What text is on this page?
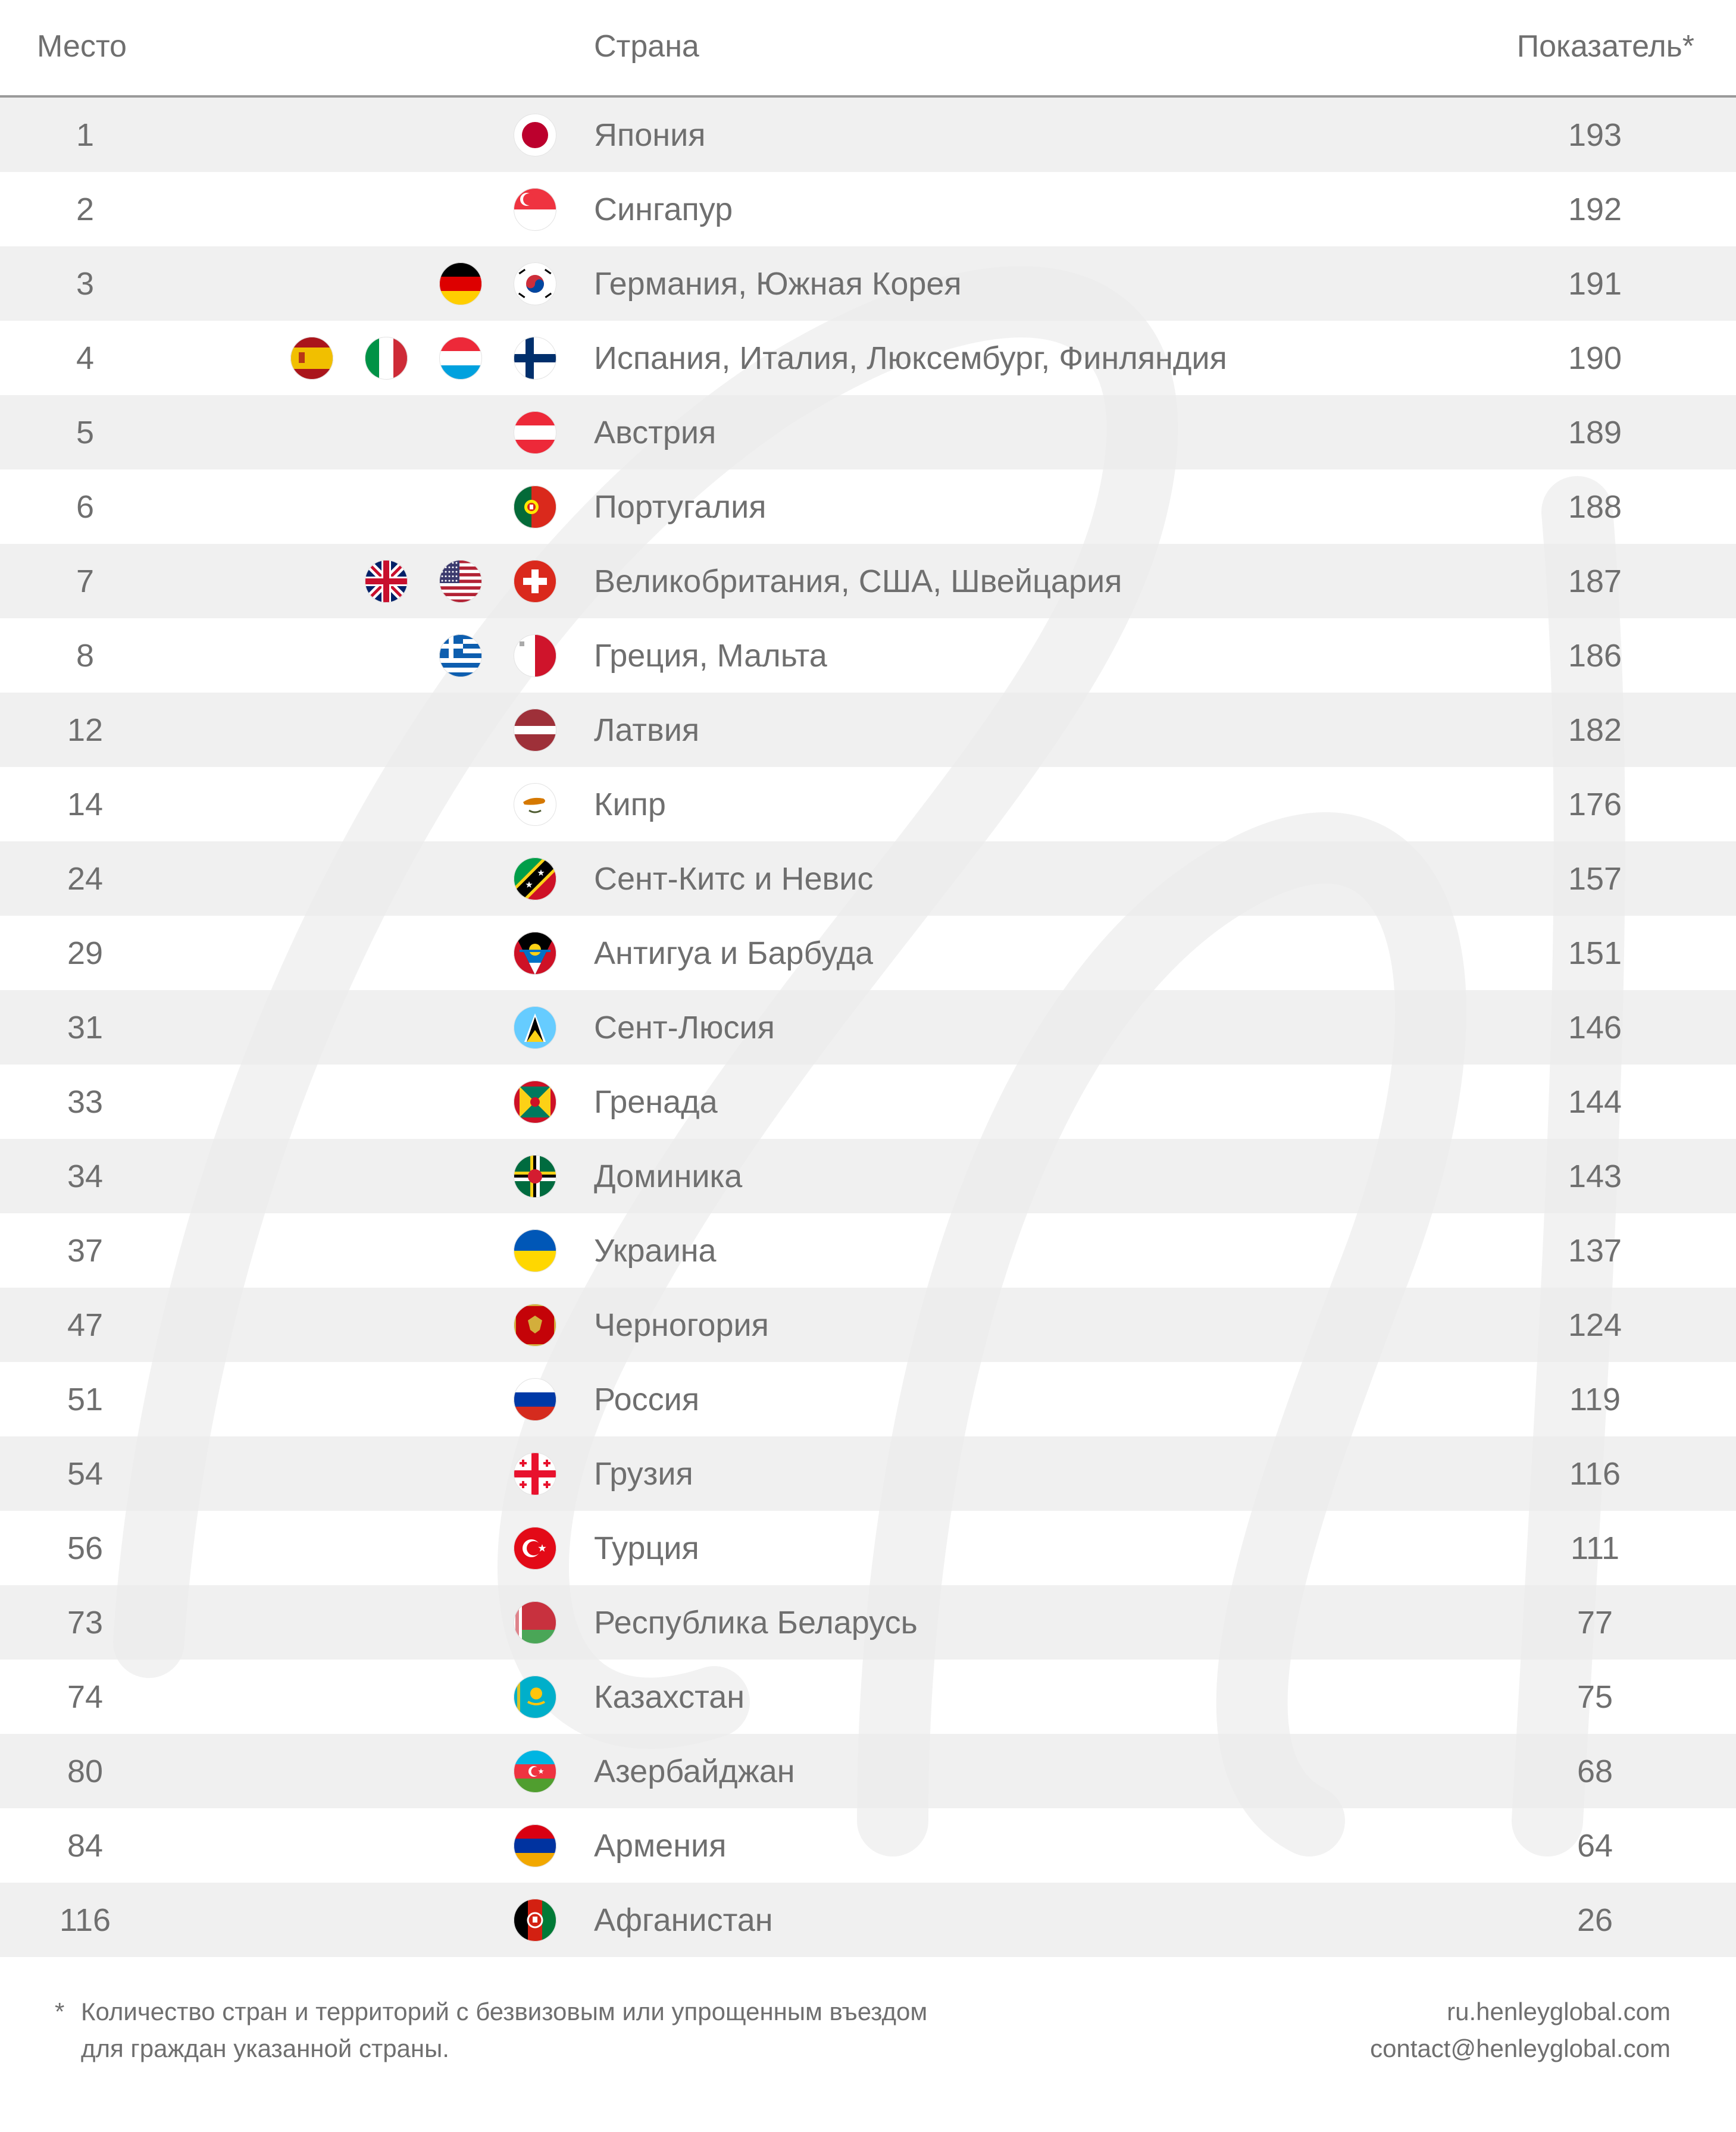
Место	Страна	Показатель*
1	Япония	193
2	Сингапур	192
3	Германия, Южная Корея	191
4	Испания, Италия, Люксембург, Финляндия	190
5	Австрия	189
6	Португалия	188
7	Великобритания, США, Швейцария	187
8	Греция, Мальта	186
12	Латвия	182
14	Кипр	176
24	Сент-Китс и Невис	157
29	Антигуа и Барбуда	151
31	Сент-Люсия	146
33	Гренада	144
34	Доминика	143
37	Украина	137
47	Черногория	124
51	Россия	119
54	Грузия	116
56	Турция	111
73	Республика Беларусь	77
74	Казахстан	75
80	Азербайджан	68
84	Армения	64
116	Афганистан	26
* Количество стран и территорий с безвизовым или упрощенным въездом
для граждан указанной страны.
ru.henleyglobal.com
contact@henleyglobal.com
